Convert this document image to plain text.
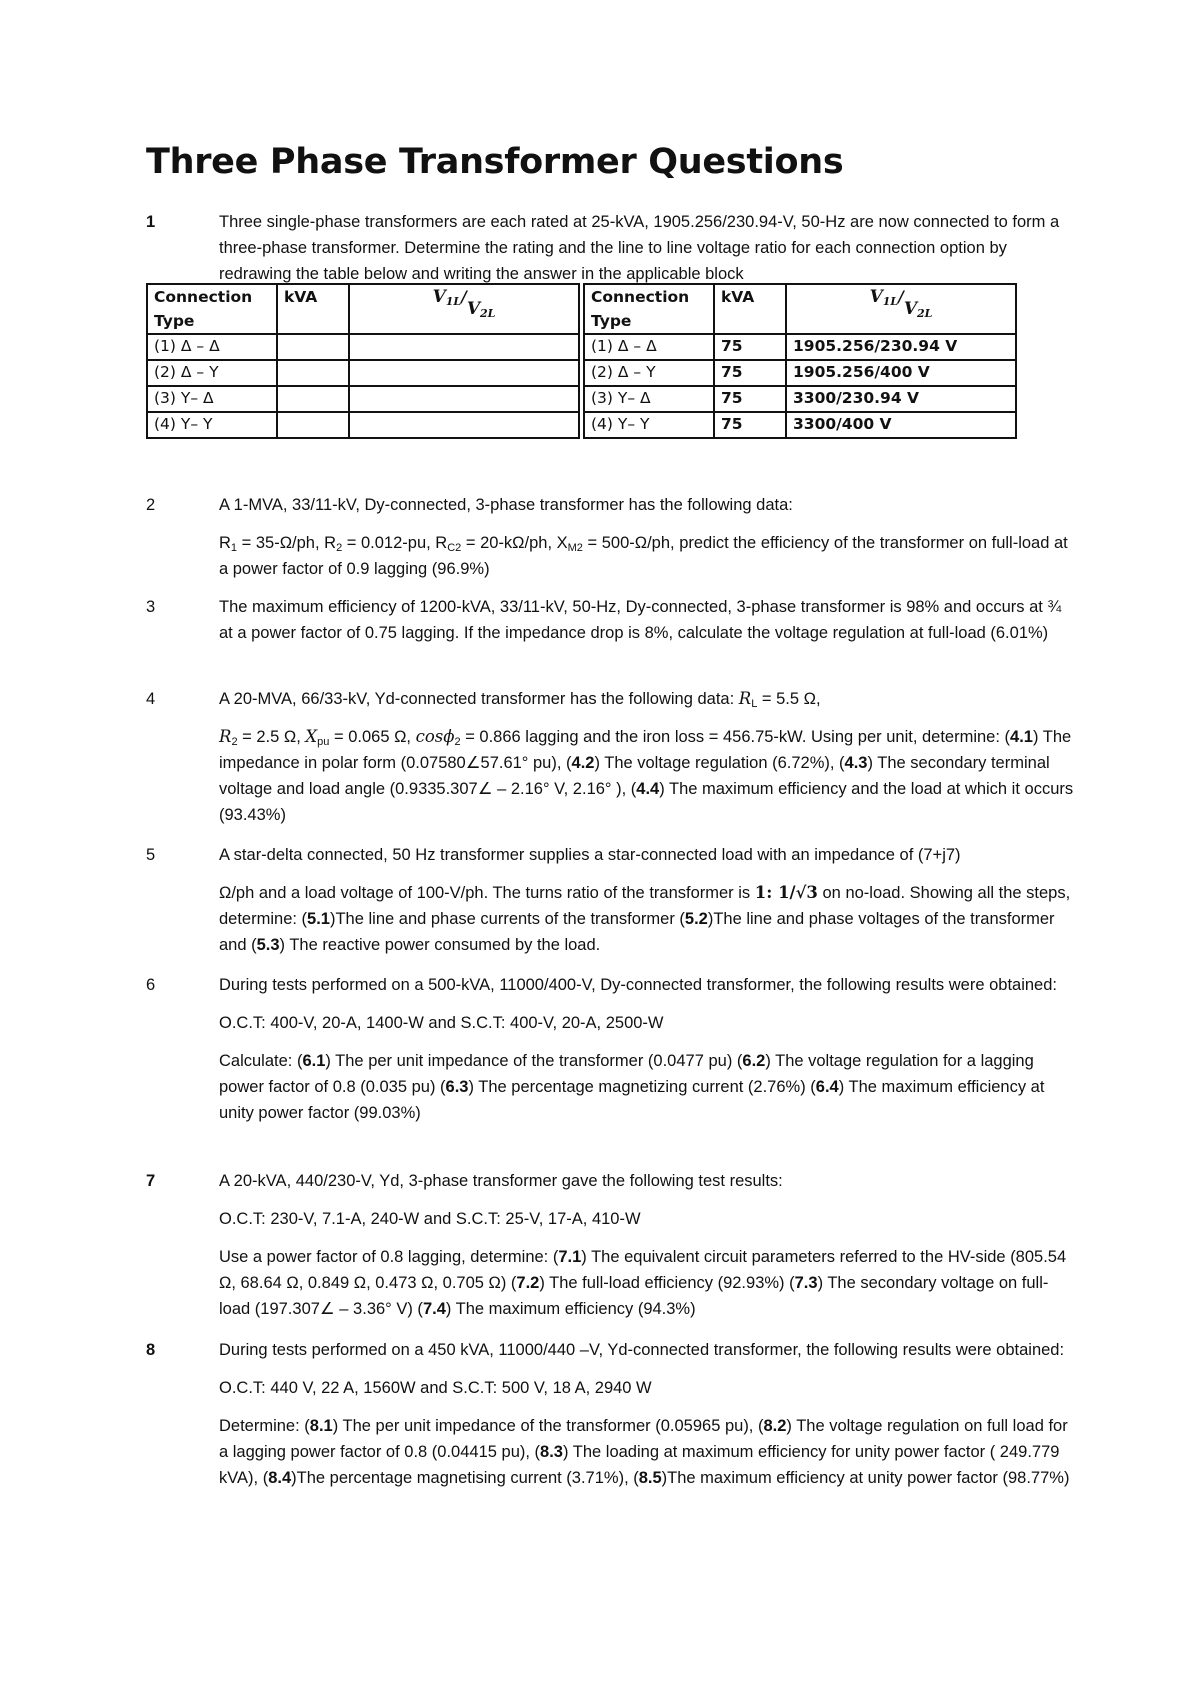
Three Phase Transformer Questions
1	Three single-phase transformers are each rated at 25-kVA, 1905.256/230.94-V, 50-Hz are now connected to form a three-phase transformer. Determine the rating and the line to line voltage ratio for each connection option by redrawing the table below and writing the answer in the applicable block

Connection Type	kVA	$V_{1L}/V_{2L}$
(1) Δ – Δ		
(2) Δ – Y		
(3) Y– Δ		
(4) Y– Y		
Connection Type	kVA	$V_{1L}/V_{2L}$
(1) Δ – Δ	75	1905.256/230.94 V
(2) Δ – Y	75	1905.256/400 V
(3) Y– Δ	75	3300/230.94 V
(4) Y– Y	75	3300/400 V
2	A 1-MVA, 33/11-kV, Dy-connected, 3-phase transformer has the following data:

$R_1 = 35-\Omega/ph$, $R_2 = 0.012-pu$, $R_{C2} = 20-k\Omega/ph$, $X_{M2} = 500-\Omega/ph$, predict the efficiency of the transformer on full-load at a power factor of 0.9 lagging (96.9%)

3	The maximum efficiency of 1200-kVA, 33/11-kV, 50-Hz, Dy-connected, 3-phase transformer is 98% and occurs at ¾ at a power factor of 0.75 lagging. If the impedance drop is 8%, calculate the voltage regulation at full-load (6.01%)

4	A 20-MVA, 66/33-kV, Yd-connected transformer has the following data: $R_L = 5.5$ Ω,

$R_2 = 2.5$ Ω, $X_{pu} = 0.065$ Ω, cosϕ$_2$ = 0.866 lagging and the iron loss = 456.75-kW. Using per unit, determine: (4.1) The impedance in polar form (0.07580∠57.61° pu), (4.2) The voltage regulation (6.72%), (4.3) The secondary terminal voltage and load angle (0.9335.307∠ – 2.16° V, 2.16° ), (4.4) The maximum efficiency and the load at which it occurs (93.43%)

5	A star-delta connected, 50 Hz transformer supplies a star-connected load with an impedance of (7+j7)

Ω/ph and a load voltage of 100-V/ph. The turns ratio of the transformer is 1: 1/√3 on no-load. Showing all the steps, determine: (5.1)The line and phase currents of the transformer (5.2)The line and phase voltages of the transformer and (5.3) The reactive power consumed by the load.

6	During tests performed on a 500-kVA, 11000/400-V, Dy-connected transformer, the following results were obtained:

O.C.T: 400-V, 20-A, 1400-W and S.C.T: 400-V, 20-A, 2500-W

Calculate: (6.1) The per unit impedance of the transformer (0.0477 pu) (6.2) The voltage regulation for a lagging power factor of 0.8 (0.035 pu) (6.3) The percentage magnetizing current (2.76%) (6.4) The maximum efficiency at unity power factor (99.03%)

7	A 20-kVA, 440/230-V, Yd, 3-phase transformer gave the following test results:

O.C.T: 230-V, 7.1-A, 240-W and S.C.T: 25-V, 17-A, 410-W

Use a power factor of 0.8 lagging, determine: (7.1) The equivalent circuit parameters referred to the HV-side (805.54 Ω, 68.64 Ω, 0.849 Ω, 0.473 Ω, 0.705 Ω) (7.2) The full-load efficiency (92.93%) (7.3) The secondary voltage on full-load (197.307∠ – 3.36° V) (7.4) The maximum efficiency (94.3%)

8	During tests performed on a 450 kVA, 11000/440 –V, Yd-connected transformer, the following results were obtained:

O.C.T: 440 V, 22 A, 1560W and S.C.T: 500 V, 18 A, 2940 W

Determine: (8.1) The per unit impedance of the transformer (0.05965 pu), (8.2) The voltage regulation on full load for a lagging power factor of 0.8 (0.04415 pu), (8.3) The loading at maximum efficiency for unity power factor ( 249.779 kVA), (8.4)The percentage magnetising current (3.71%), (8.5)The maximum efficiency at unity power factor (98.77%)
